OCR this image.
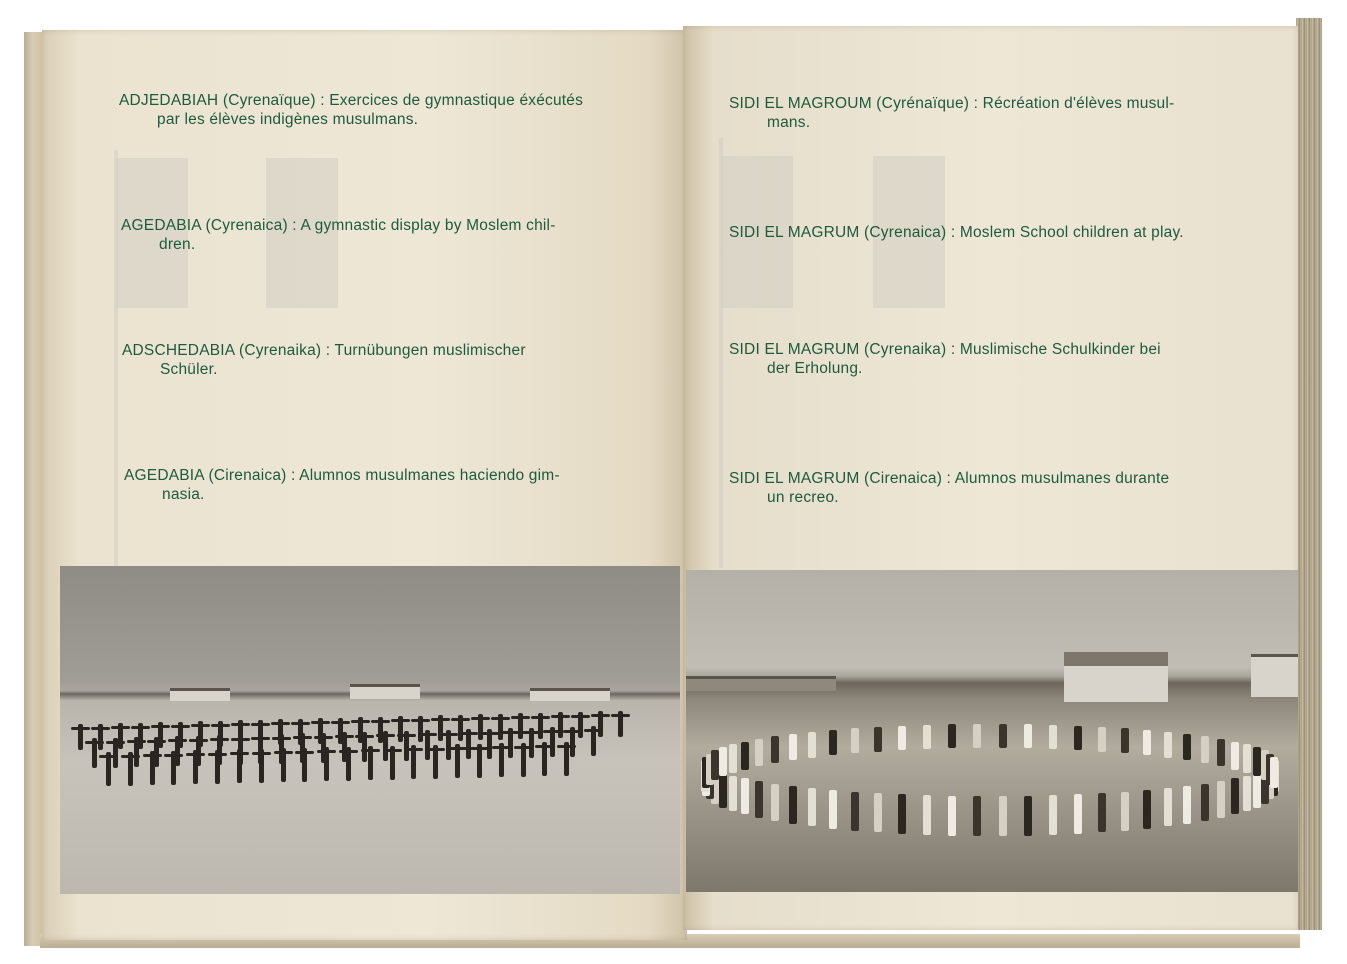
ADJEDABIAH (Cyrenaïque) : Exercices de gymnastique éxécutés
par les élèves indigènes musulmans.
AGEDABIA (Cyrenaica) : A gymnastic display by Moslem chil-
dren.
ADSCHEDABIA (Cyrenaika) : Turnübungen muslimischer
Schüler.
AGEDABIA (Cirenaica) : Alumnos musulmanes haciendo gim-
nasia.
SIDI EL MAGROUM (Cyrénaïque) : Récréation d'élèves musul-
mans.
SIDI EL MAGRUM (Cyrenaica) : Moslem School children at play.
SIDI EL MAGRUM (Cyrenaika) : Muslimische Schulkinder bei
der Erholung.
SIDI EL MAGRUM (Cirenaica) : Alumnos musulmanes durante
un recreo.
